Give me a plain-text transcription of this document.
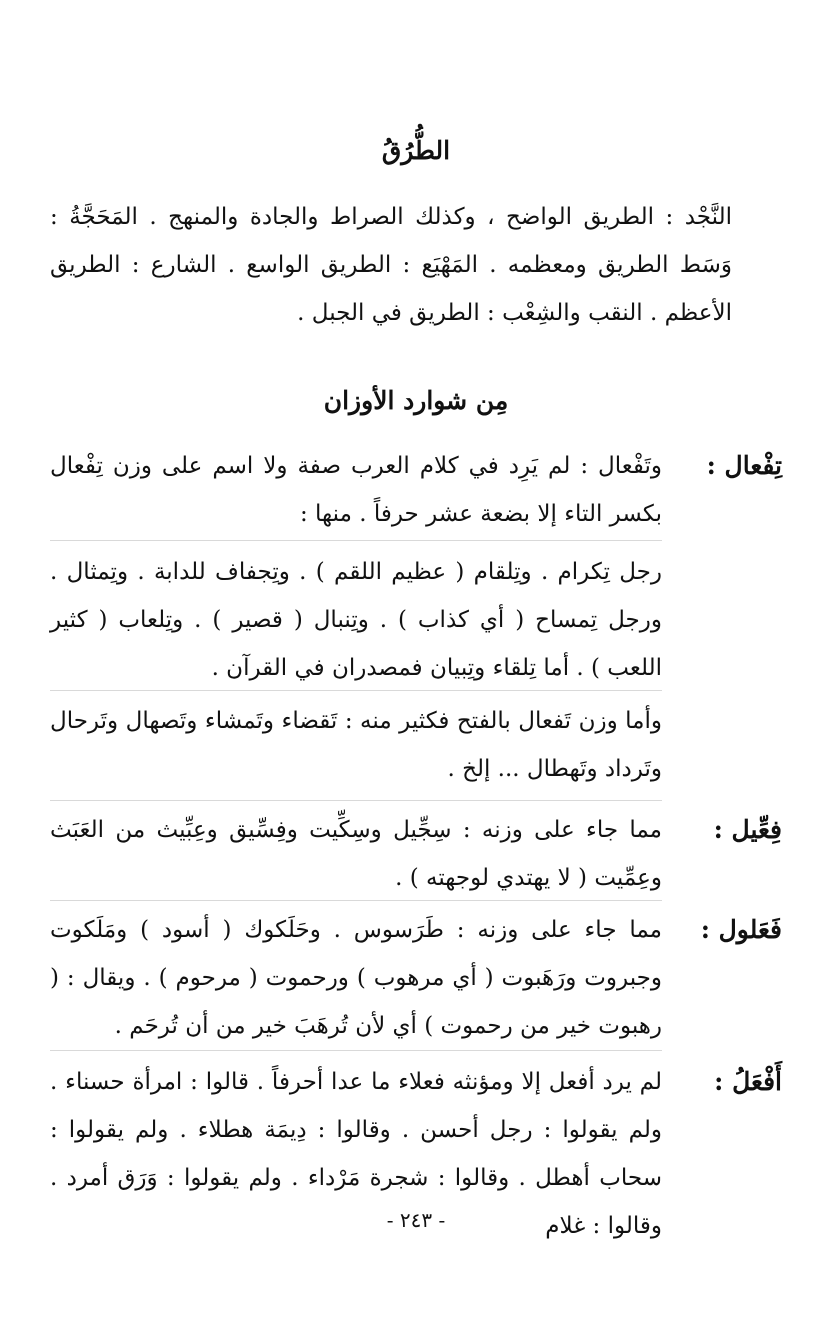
الطُّرُقُ
النَّجْد : الطريق الواضح ، وكذلك الصراط والجادة والمنهج . المَحَجَّةُ : وَسَط الطريق ومعظمه . المَهْيَع : الطريق الواسع . الشارع : الطريق الأعظم . النقب والشِعْب : الطريق في الجبل .
مِن شوارد الأوزان
تِفْعال :
وتَفْعال : لم يَرِد في كلام العرب صفة ولا اسم على وزن تِفْعال بكسر التاء إلا بضعة عشر حرفاً . منها :
رجل تِكرام . وتِلقام ( عظيم اللقم ) . وتِجفاف للدابة . وتِمثال . ورجل تِمساح ( أي كذاب ) . وتِنبال ( قصير ) . وتِلعاب ( كثير اللعب ) . أما تِلقاء وتِبيان فمصدران في القرآن .
وأما وزن تَفعال بالفتح فكثير منه : تَقضاء وتَمشاء وتَصهال وتَرحال وتَرداد وتَهطال ... إلخ .
فِعِّيل :
مما جاء على وزنه : سِجِّيل وسِكِّيت وفِسِّيق وعِبِّيث من العَبَث وعِمِّيت ( لا يهتدي لوجهته ) .
فَعَلول :
مما جاء على وزنه : طَرَسوس . وحَلَكوك ( أسود ) ومَلَكوت وجبروت ورَهَبوت ( أي مرهوب ) ورحموت ( مرحوم ) . ويقال : ( رهبوت خير من رحموت ) أي لأن تُرهَبَ خير من أن تُرحَم .
أَفْعَلُ :
لم يرد أفعل إلا ومؤنثه فعلاء ما عدا أحرفاً . قالوا : امرأة حسناء . ولم يقولوا : رجل أحسن . وقالوا : دِيمَة هطلاء . ولم يقولوا : سحاب أهطل . وقالوا : شجرة مَرْداء . ولم يقولوا : وَرَق أمرد . وقالوا : غلام
- ٢٤٣ -
